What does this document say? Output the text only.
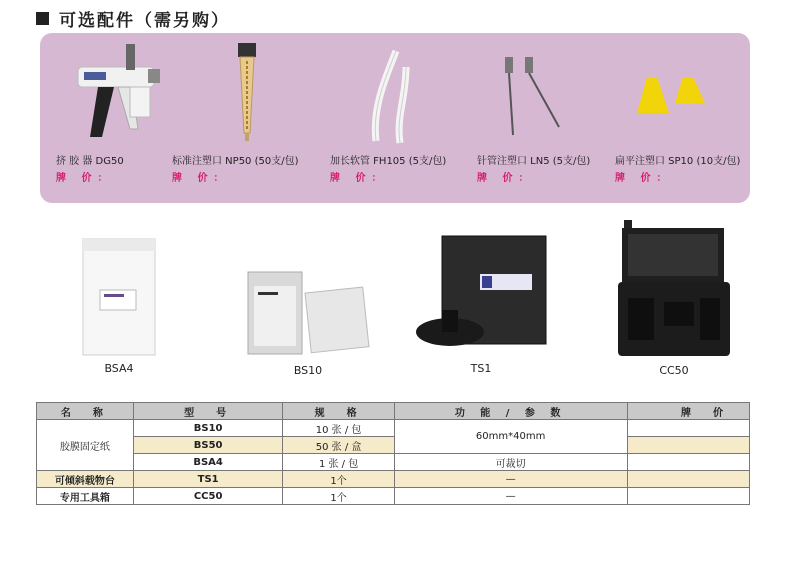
可选配件（需另购）
挤 胶 器 DG50
牌 价：
标准注塑口 NP50 (50支/包)
牌 价：
加长软管 FH105 (5支/包)
牌 价：
针管注塑口 LN5 (5支/包)
牌 价：
扁平注塑口 SP10 (10支/包)
牌 价：
BSA4	BS10	TS1	CC50
名　称	型　号	规　格	功 能 / 参 数	牌　价
胶膜固定纸	BS10	10 张 / 包	60mm*40mm	
	BS50	50 张 / 盒		
	BSA4	1 张 / 包	可裁切	
可倾斜载物台	TS1	1个	—	
专用工具箱	CC50	1个	—	
